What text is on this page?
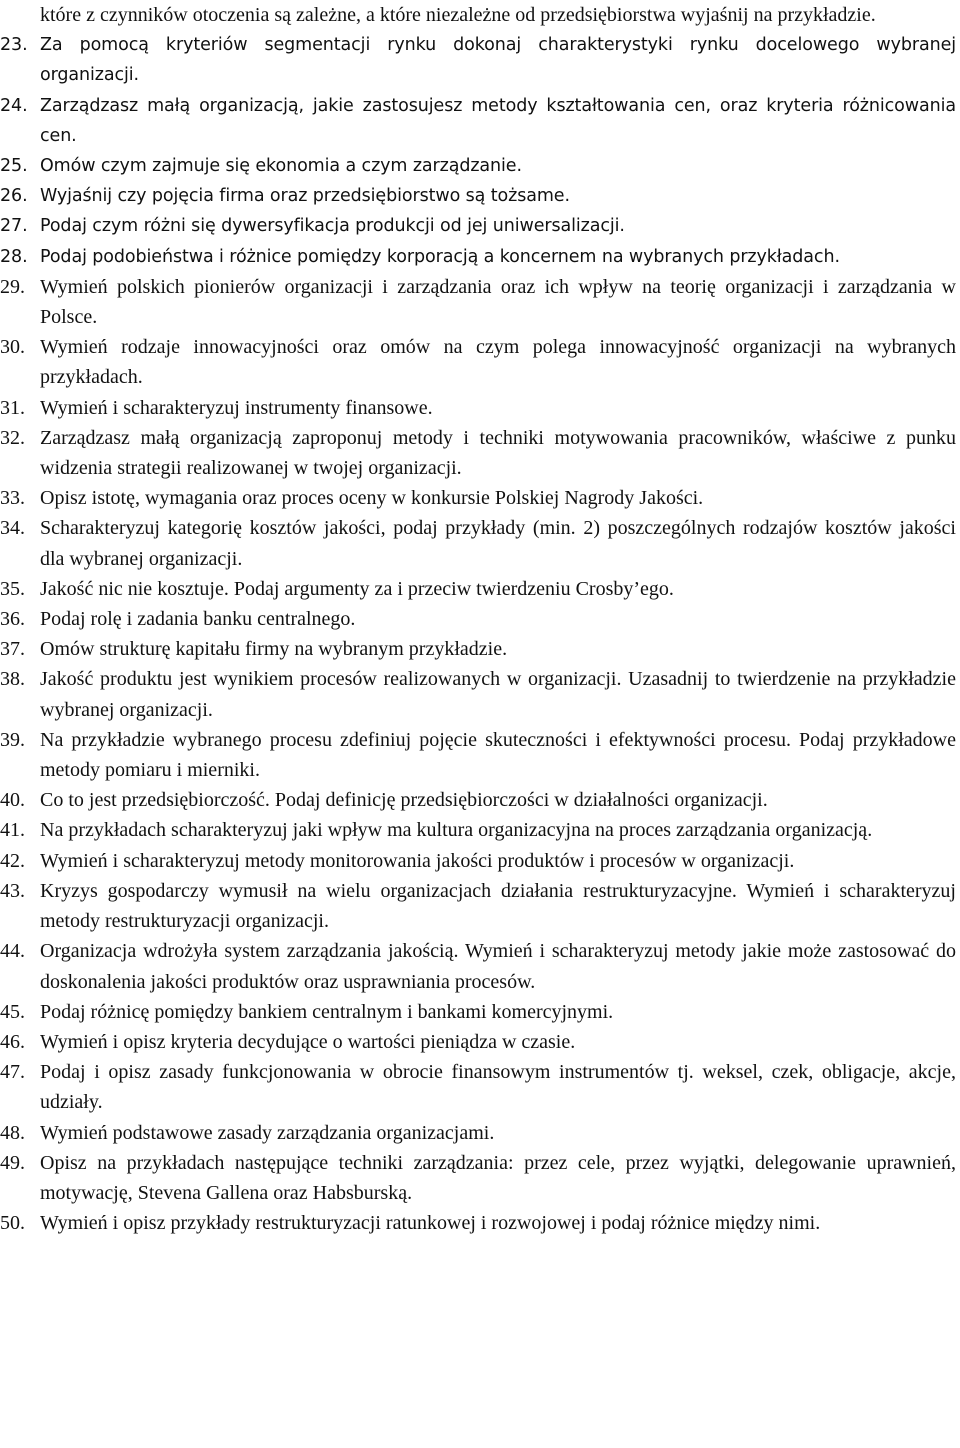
które z czynników otoczenia są zależne, a które niezależne od przedsiębiorstwa wyjaśnij na przykładzie.
23. Za pomocą kryteriów segmentacji rynku dokonaj charakterystyki rynku docelowego wybranej organizacji.
24. Zarządzasz małą organizacją, jakie zastosujesz metody kształtowania cen, oraz kryteria różnicowania cen.
25. Omów czym zajmuje się ekonomia a czym zarządzanie.
26. Wyjaśnij czy pojęcia firma oraz przedsiębiorstwo są tożsame.
27. Podaj czym różni się dywersyfikacja produkcji od jej uniwersalizacji.
28. Podaj podobieństwa i różnice pomiędzy korporacją a koncernem na wybranych przykładach.
29. Wymień polskich pionierów organizacji i zarządzania oraz ich wpływ na teorię organizacji i zarządzania w Polsce.
30. Wymień rodzaje innowacyjności oraz omów na czym polega innowacyjność organizacji na wybranych przykładach.
31. Wymień i scharakteryzuj instrumenty finansowe.
32. Zarządzasz małą organizacją zaproponuj metody i techniki motywowania pracowników, właściwe z punku widzenia strategii realizowanej w twojej organizacji.
33. Opisz istotę, wymagania oraz proces oceny w konkursie Polskiej Nagrody Jakości.
34. Scharakteryzuj kategorię kosztów jakości, podaj przykłady (min. 2) poszczególnych rodzajów kosztów jakości dla wybranej organizacji.
35. Jakość nic nie kosztuje. Podaj argumenty za i przeciw twierdzeniu Crosby’ego.
36. Podaj rolę i zadania banku centralnego.
37. Omów strukturę kapitału firmy na wybranym przykładzie.
38. Jakość produktu jest wynikiem procesów realizowanych w organizacji. Uzasadnij to twierdzenie na przykładzie wybranej organizacji.
39. Na przykładzie wybranego procesu zdefiniuj pojęcie skuteczności i efektywności procesu. Podaj przykładowe metody pomiaru i mierniki.
40. Co to jest przedsiębiorczość. Podaj definicję przedsiębiorczości w działalności organizacji.
41. Na przykładach scharakteryzuj jaki wpływ ma kultura organizacyjna na proces zarządzania organizacją.
42. Wymień i scharakteryzuj metody monitorowania jakości produktów i procesów w organizacji.
43. Kryzys gospodarczy wymusił na wielu organizacjach działania restrukturyzacyjne. Wymień i scharakteryzuj metody restrukturyzacji organizacji.
44. Organizacja wdrożyła system zarządzania jakością. Wymień i scharakteryzuj metody jakie może zastosować do doskonalenia jakości produktów oraz usprawniania procesów.
45. Podaj różnicę pomiędzy bankiem centralnym i bankami komercyjnymi.
46. Wymień i opisz kryteria decydujące o wartości pieniądza w czasie.
47. Podaj i opisz zasady funkcjonowania w obrocie finansowym instrumentów tj. weksel, czek, obligacje, akcje, udziały.
48. Wymień podstawowe zasady zarządzania organizacjami.
49. Opisz na przykładach następujące techniki zarządzania: przez cele, przez wyjątki, delegowanie uprawnień, motywację, Stevena Gallena oraz Habsburską.
50. Wymień i opisz przykłady restrukturyzacji ratunkowej i rozwojowej i podaj różnice między nimi.
